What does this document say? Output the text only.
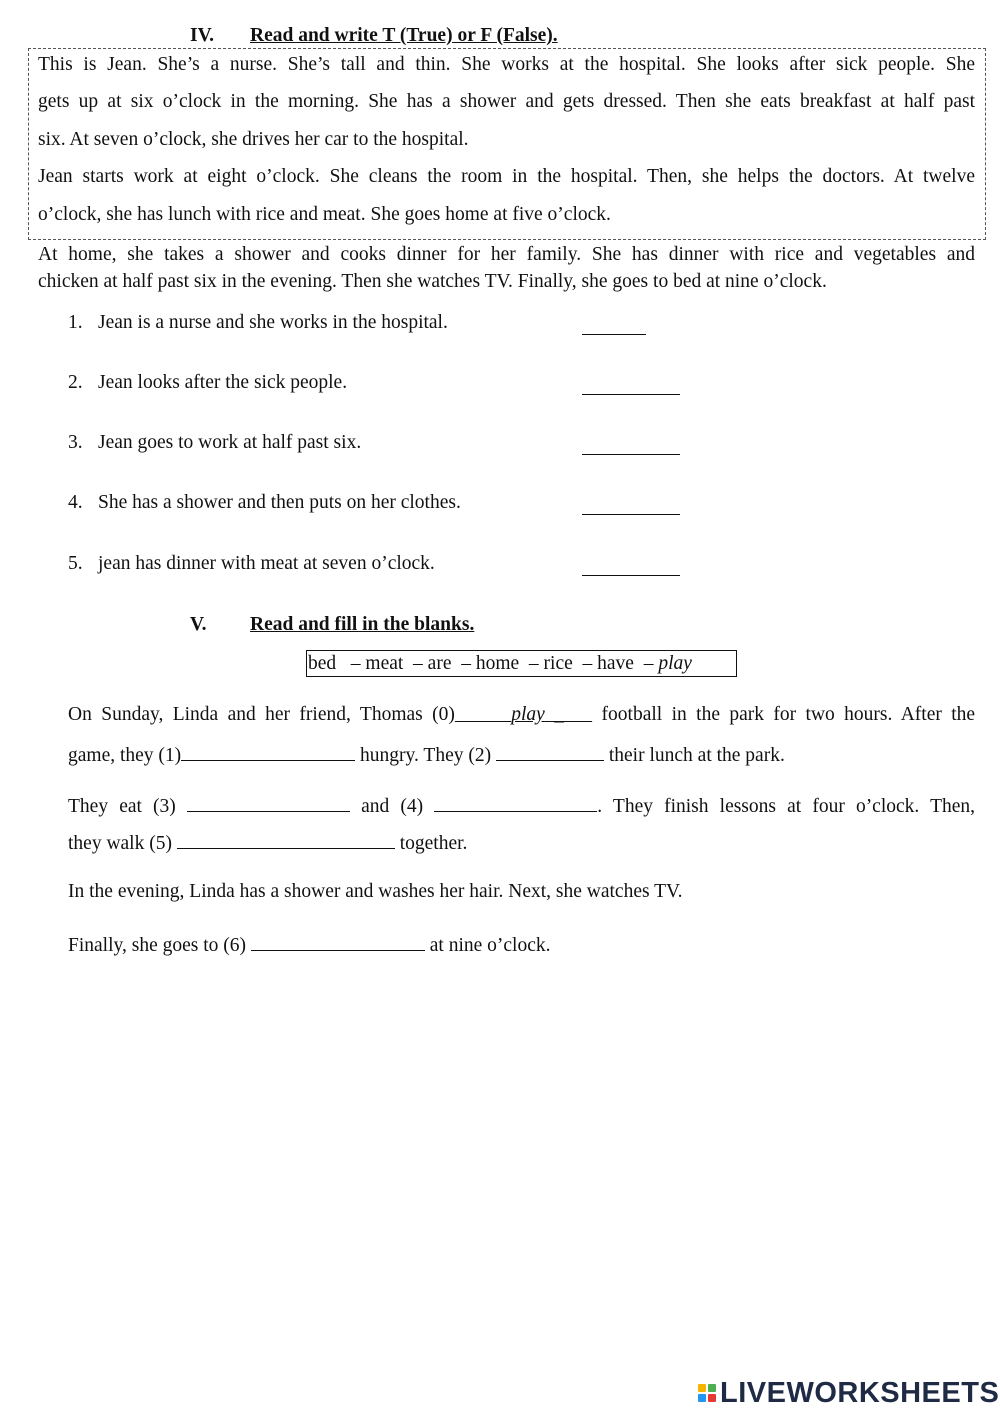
IV. Read and write T (True) or F (False).
This is Jean. She’s a nurse. She’s tall and thin. She works at the hospital. She looks after sick people. She
gets up at six o’clock in the morning. She has a shower and gets dressed. Then she eats breakfast at half past
six. At seven o’clock, she drives her car to the hospital.
Jean starts work at eight o’clock. She cleans the room in the hospital. Then, she helps the doctors. At twelve
o’clock, she has lunch with rice and meat. She goes home at five o’clock.
At home, she takes a shower and cooks dinner for her family. She has dinner with rice and vegetables and
chicken at half past six in the evening. Then she watches TV. Finally, she goes to bed at nine o’clock.
1. Jean is a nurse and she works in the hospital.
2. Jean looks after the sick people.
3. Jean goes to work at half past six.
4. She has a shower and then puts on her clothes.
5. jean has dinner with meat at seven o’clock.
V. Read and fill in the blanks.
bed   – meat  – are  – home  – rice  – have  – play
On Sunday, Linda and her friend, Thomas (0)	play _    football in the park for two hours. After the
game, they (1)	hungry. They (2)	their lunch at the park.
They eat (3)	and (4)	. They finish lessons at four o’clock. Then,
they walk (5)	together.
In the evening, Linda has a shower and washes her hair. Next, she watches TV.
Finally, she goes to (6)	at nine o’clock.
LIVEWORKSHEETS
